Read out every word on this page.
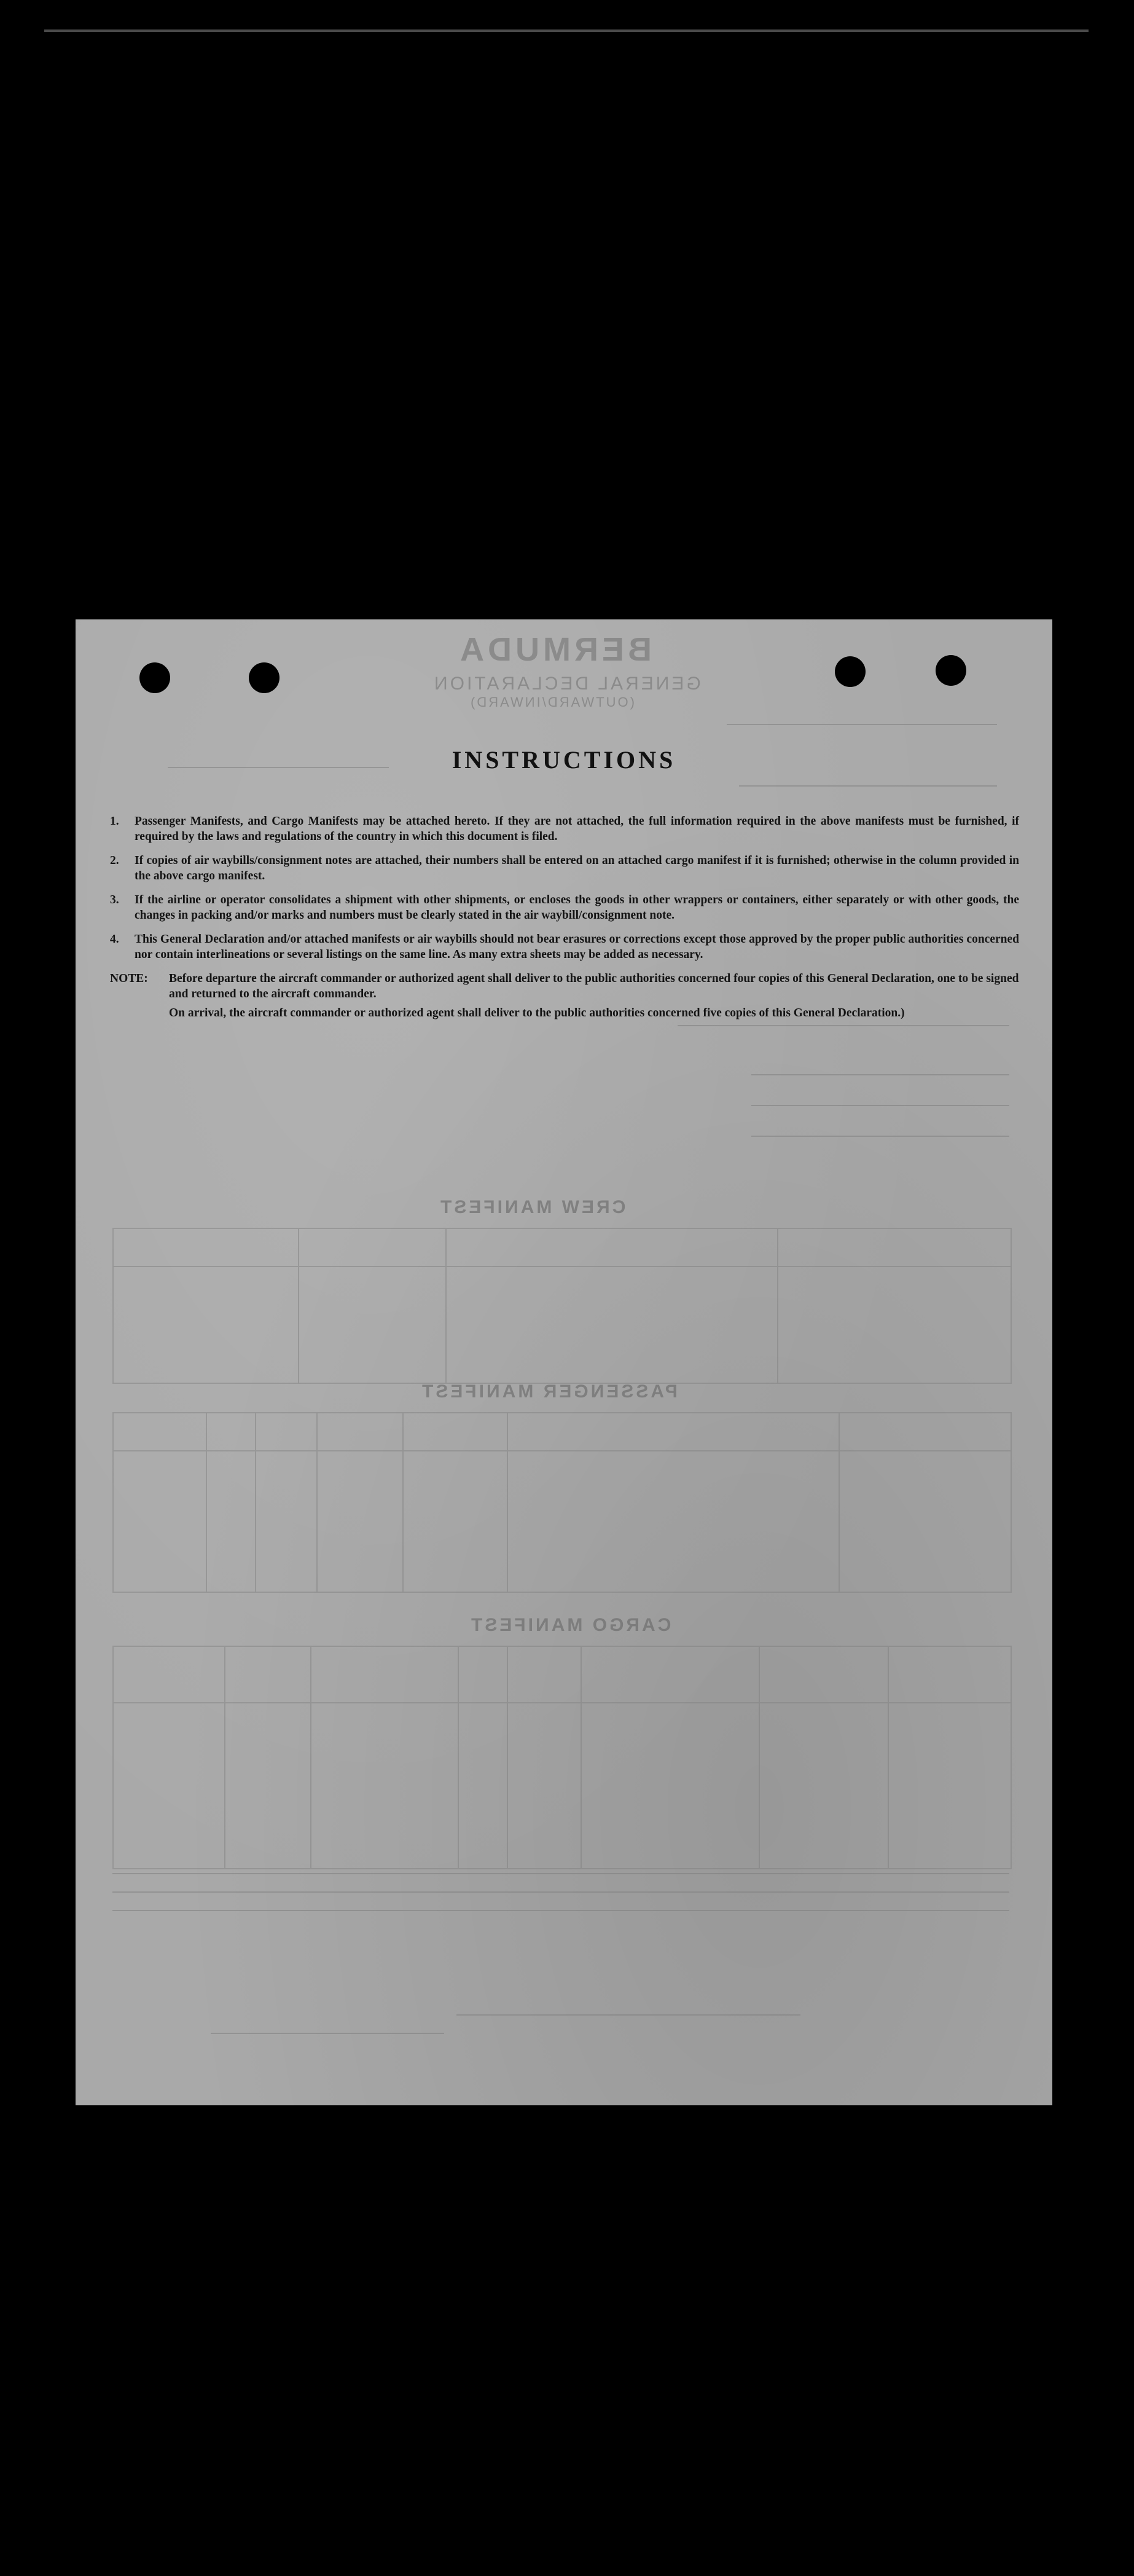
BERMUDA
GENERAL DECLARATION
(OUTWARD/INWARD)
CREW MANIFEST
PASSENGER MANIFEST
CARGO MANIFEST
INSTRUCTIONS
1.	Passenger Manifests, and Cargo Manifests may be attached hereto. If they are not attached, the full information required in the above manifests must be furnished, if required by the laws and regulations of the country in which this document is filed.
2.	If copies of air waybills/consignment notes are attached, their numbers shall be entered on an attached cargo manifest if it is furnished; otherwise in the column provided in the above cargo manifest.
3.	If the airline or operator consolidates a shipment with other shipments, or encloses the goods in other wrappers or containers, either separately or with other goods, the changes in packing and/or marks and numbers must be clearly stated in the air waybill/consignment note.
4.	This General Declaration and/or attached manifests or air waybills should not bear erasures or corrections except those approved by the proper public authorities concerned nor contain interlineations or several listings on the same line. As many extra sheets may be added as necessary.
NOTE:	Before departure the aircraft commander or authorized agent shall deliver to the public authorities concerned four copies of this General Declaration, one to be signed and returned to the aircraft commander.
On arrival, the aircraft commander or authorized agent shall deliver to the public authorities concerned five copies of this General Declaration.)
